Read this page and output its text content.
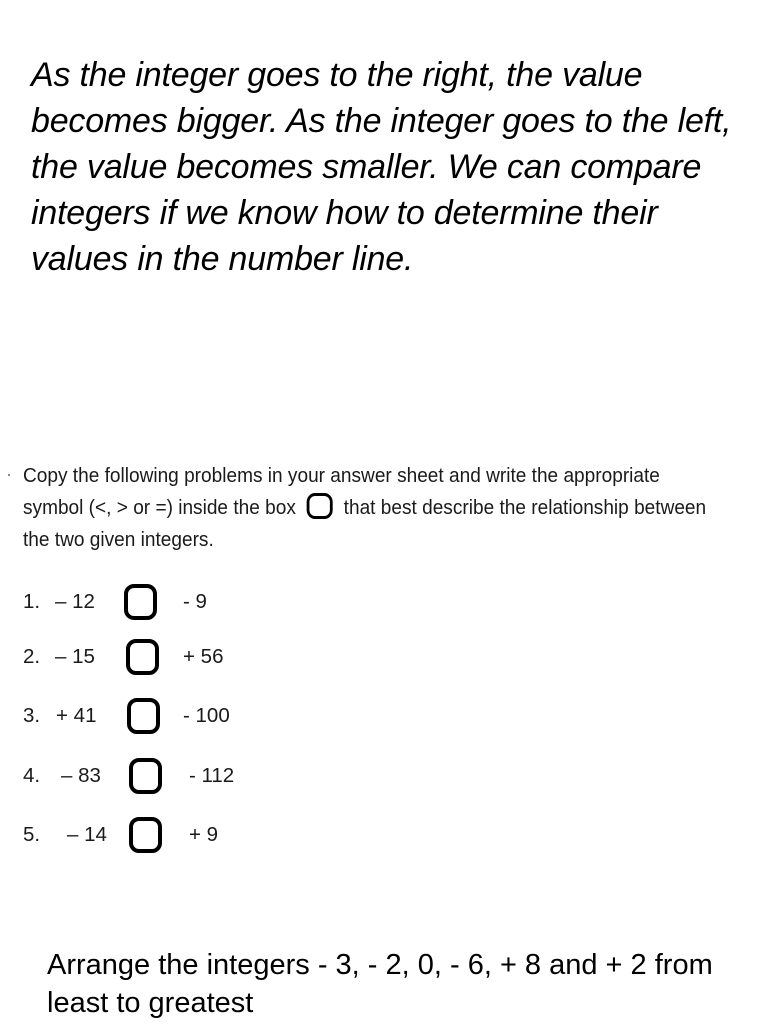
As the integer goes to the right, the value becomes bigger. As the integer goes to the left, the value becomes smaller. We can compare integers if we know how to determine their values in the number line.

Copy the following problems in your answer sheet and write the appropriate symbol (<, > or =) inside the box that best describe the relationship between the two given integers.

1. – 12	- 9
2. – 15	+ 56
3. + 41	- 100
4. – 83	- 112
5. – 14	+ 9

Arrange the integers - 3, - 2, 0, - 6, + 8 and + 2 from least to greatest
